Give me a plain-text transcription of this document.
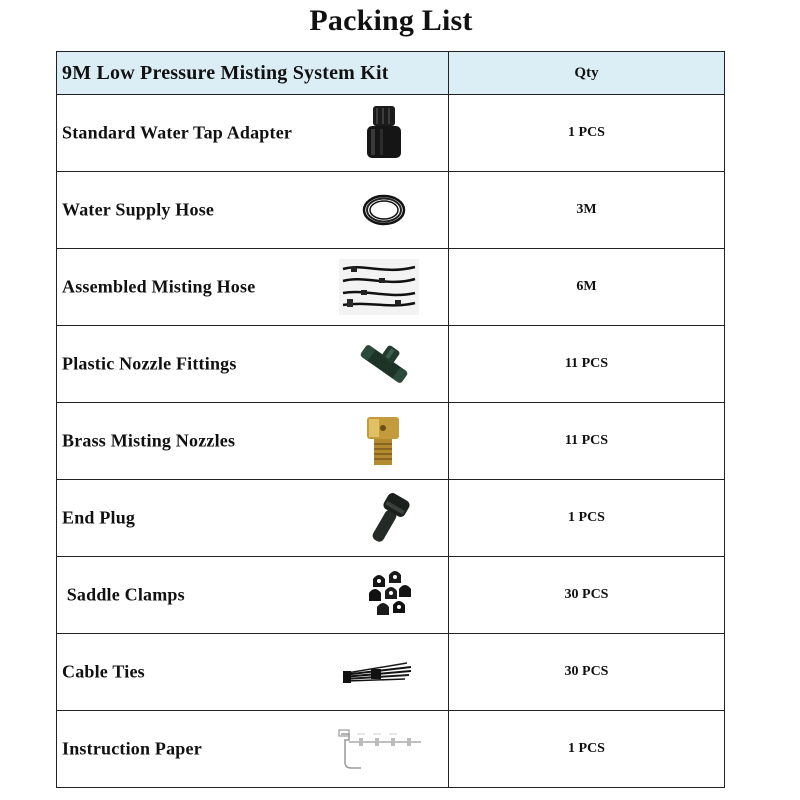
Packing List
9M Low Pressure Misting System Kit	Qty

Standard Water Tap Adapter	1 PCS

Water Supply Hose	3M

Assembled Misting Hose	6M

Plastic Nozzle Fittings	11 PCS

Brass Misting Nozzles	11 PCS

End Plug	1 PCS

Saddle Clamps	30 PCS

Cable Ties	30 PCS

Instruction Paper	1 PCS
